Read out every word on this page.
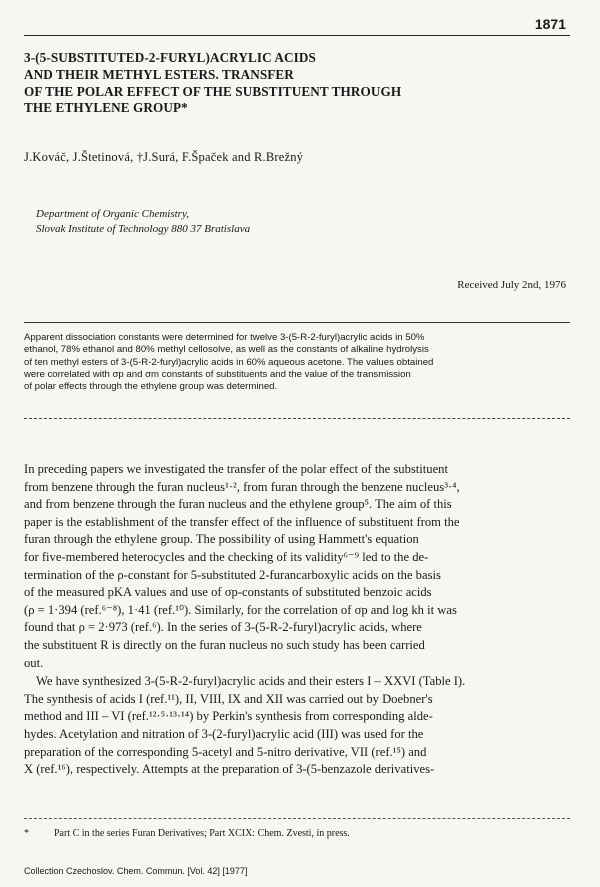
1871
3-(5-SUBSTITUTED-2-FURYL)ACRYLIC ACIDS
AND THEIR METHYL ESTERS. TRANSFER
OF THE POLAR EFFECT OF THE SUBSTITUENT THROUGH
THE ETHYLENE GROUP*
J.Kováč, J.Štetinová, †J.Surá, F.Špaček and R.Brežný
Department of Organic Chemistry,
Slovak Institute of Technology 880 37 Bratislava
Received July 2nd, 1976
Apparent dissociation constants were determined for twelve 3-(5-R-2-furyl)acrylic acids in 50%
ethanol, 78% ethanol and 80% methyl cellosolve, as well as the constants of alkaline hydrolysis
of ten methyl esters of 3-(5-R-2-furyl)acrylic acids in 60% aqueous acetone. The values obtained
were correlated with σp and σm constants of substituents and the value of the transmission
of polar effects through the ethylene group was determined.
In preceding papers we investigated the transfer of the polar effect of the substituent
from benzene through the furan nucleus¹·², from furan through the benzene nucleus³·⁴,
and from benzene through the furan nucleus and the ethylene group⁵. The aim of this
paper is the establishment of the transfer effect of the influence of substituent from the
furan through the ethylene group. The possibility of using Hammett's equation
for five-membered heterocycles and the checking of its validity⁶⁻⁹ led to the de-
termination of the ρ-constant for 5-substituted 2-furancarboxylic acids on the basis
of the measured pKA values and use of σp-constants of substituted benzoic acids
(ρ = 1·394 (ref.⁶⁻⁸), 1·41 (ref.¹⁰). Similarly, for the correlation of σp and log kh it was
found that ρ = 2·973 (ref.⁶). In the series of 3-(5-R-2-furyl)acrylic acids, where
the substituent R is directly on the furan nucleus no such study has been carried
out.
We have synthesized 3-(5-R-2-furyl)acrylic acids and their esters I – XXVI (Table I).
The synthesis of acids I (ref.¹¹), II, VIII, IX and XII was carried out by Doebner's
method and III – VI (ref.¹²·⁵·¹³·¹⁴) by Perkin's synthesis from corresponding alde-
hydes. Acetylation and nitration of 3-(2-furyl)acrylic acid (III) was used for the
preparation of the corresponding 5-acetyl and 5-nitro derivative, VII (ref.¹⁵) and
X (ref.¹⁶), respectively. Attempts at the preparation of 3-(5-benzazole derivatives-
*	Part C in the series Furan Derivatives; Part XCIX: Chem. Zvesti, in press.
Collection Czechoslov. Chem. Commun. [Vol. 42] [1977]
